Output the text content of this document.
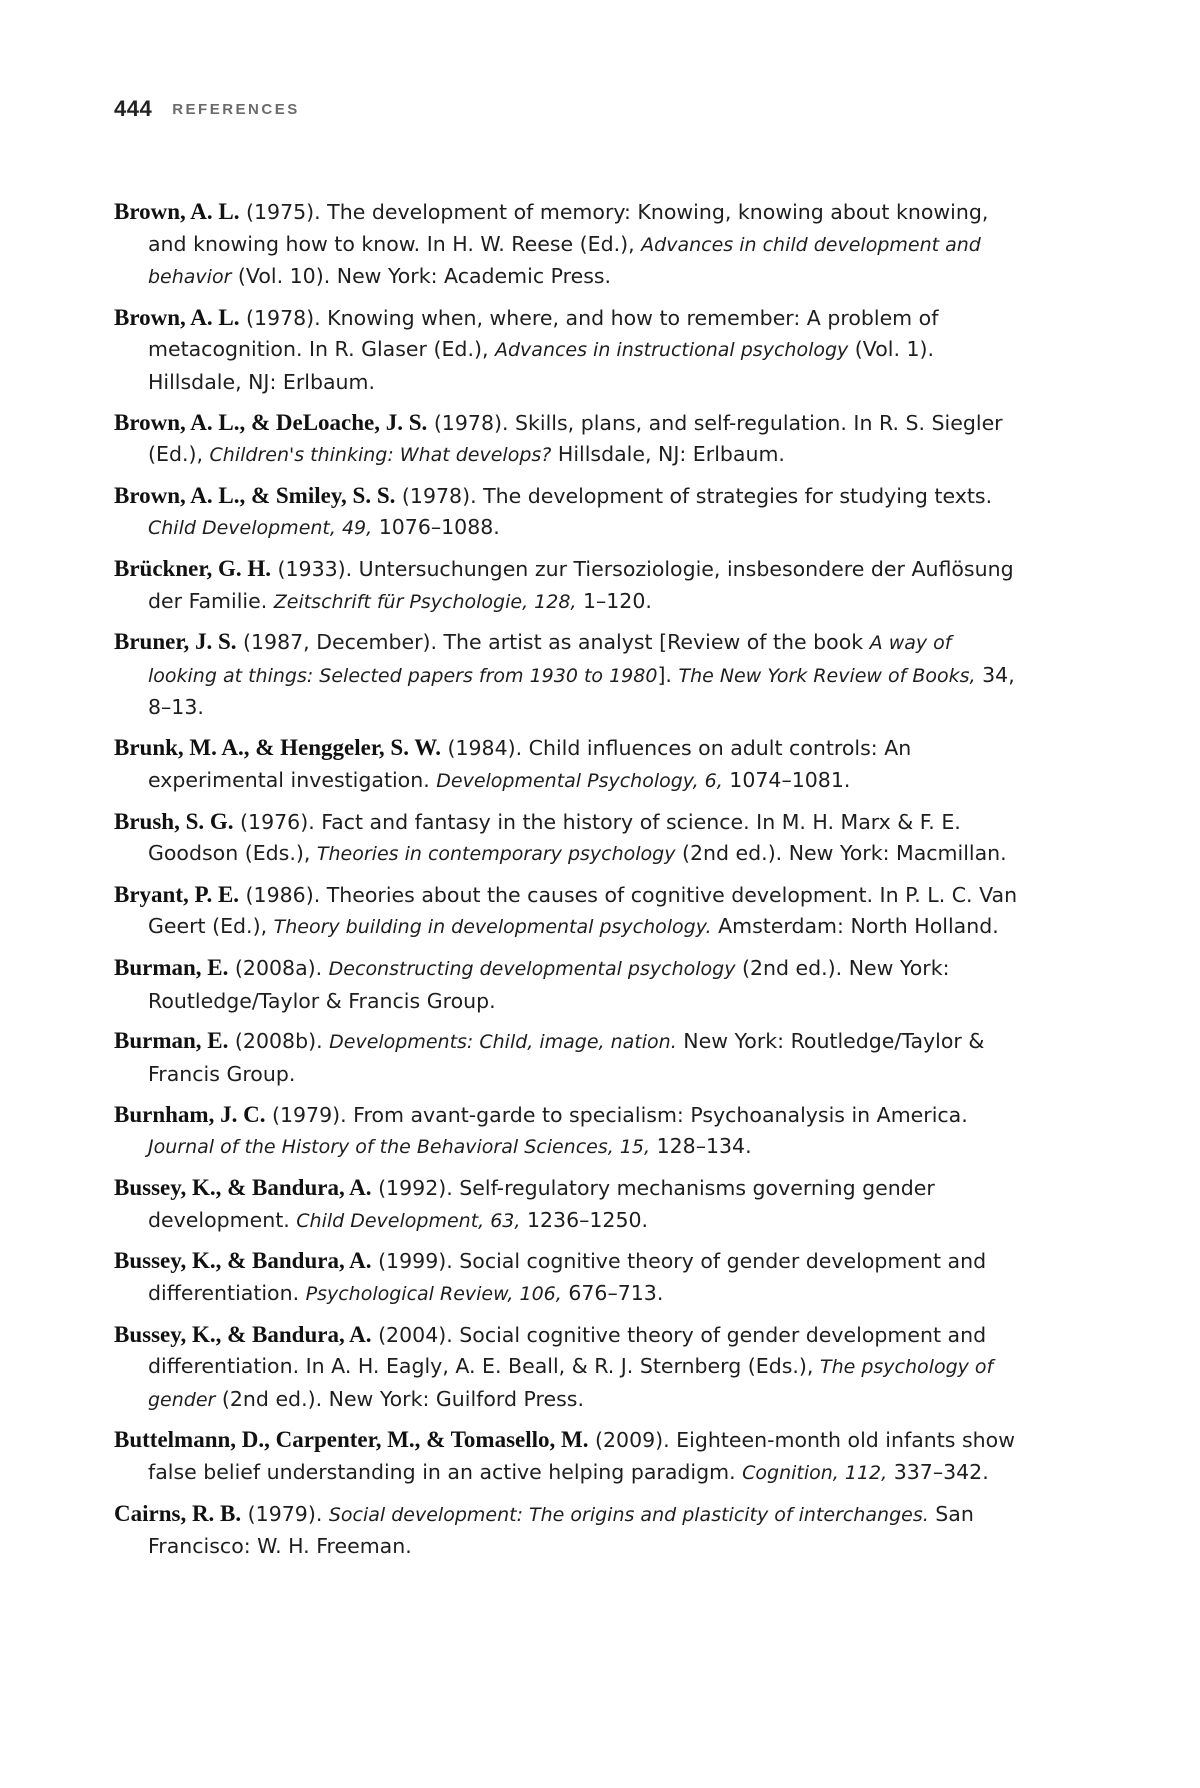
444 REFERENCES
Brown, A. L. (1975). The development of memory: Knowing, knowing about knowing, and knowing how to know. In H. W. Reese (Ed.), Advances in child development and behavior (Vol. 10). New York: Academic Press.
Brown, A. L. (1978). Knowing when, where, and how to remember: A problem of metacognition. In R. Glaser (Ed.), Advances in instructional psychology (Vol. 1). Hillsdale, NJ: Erlbaum.
Brown, A. L., & DeLoache, J. S. (1978). Skills, plans, and self-regulation. In R. S. Siegler (Ed.), Children's thinking: What develops? Hillsdale, NJ: Erlbaum.
Brown, A. L., & Smiley, S. S. (1978). The development of strategies for studying texts. Child Development, 49, 1076–1088.
Brückner, G. H. (1933). Untersuchungen zur Tiersoziologie, insbesondere der Auflösung der Familie. Zeitschrift für Psychologie, 128, 1–120.
Bruner, J. S. (1987, December). The artist as analyst [Review of the book A way of looking at things: Selected papers from 1930 to 1980]. The New York Review of Books, 34, 8–13.
Brunk, M. A., & Henggeler, S. W. (1984). Child influences on adult controls: An experimental investigation. Developmental Psychology, 6, 1074–1081.
Brush, S. G. (1976). Fact and fantasy in the history of science. In M. H. Marx & F. E. Goodson (Eds.), Theories in contemporary psychology (2nd ed.). New York: Macmillan.
Bryant, P. E. (1986). Theories about the causes of cognitive development. In P. L. C. Van Geert (Ed.), Theory building in developmental psychology. Amsterdam: North Holland.
Burman, E. (2008a). Deconstructing developmental psychology (2nd ed.). New York: Routledge/Taylor & Francis Group.
Burman, E. (2008b). Developments: Child, image, nation. New York: Routledge/Taylor & Francis Group.
Burnham, J. C. (1979). From avant-garde to specialism: Psychoanalysis in America. Journal of the History of the Behavioral Sciences, 15, 128–134.
Bussey, K., & Bandura, A. (1992). Self-regulatory mechanisms governing gender development. Child Development, 63, 1236–1250.
Bussey, K., & Bandura, A. (1999). Social cognitive theory of gender development and differentiation. Psychological Review, 106, 676–713.
Bussey, K., & Bandura, A. (2004). Social cognitive theory of gender development and differentiation. In A. H. Eagly, A. E. Beall, & R. J. Sternberg (Eds.), The psychology of gender (2nd ed.). New York: Guilford Press.
Buttelmann, D., Carpenter, M., & Tomasello, M. (2009). Eighteen-month old infants show false belief understanding in an active helping paradigm. Cognition, 112, 337–342.
Cairns, R. B. (1979). Social development: The origins and plasticity of interchanges. San Francisco: W. H. Freeman.
